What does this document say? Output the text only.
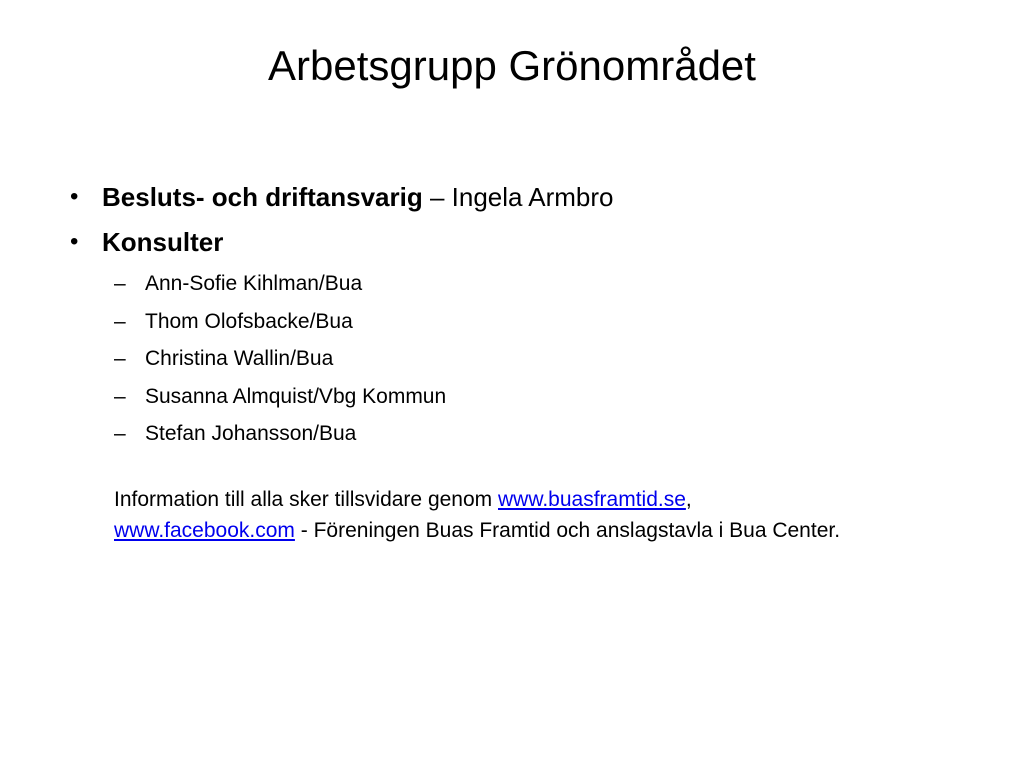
Arbetsgrupp Grönområdet
• Besluts- och driftansvarig – Ingela Armbro
• Konsulter
– Ann-Sofie Kihlman/Bua
– Thom Olofsbacke/Bua
– Christina Wallin/Bua
– Susanna Almquist/Vbg Kommun
– Stefan Johansson/Bua

Information till alla sker tillsvidare genom www.buasframtid.se,
www.facebook.com - Föreningen Buas Framtid och anslagstavla i Bua Center.
